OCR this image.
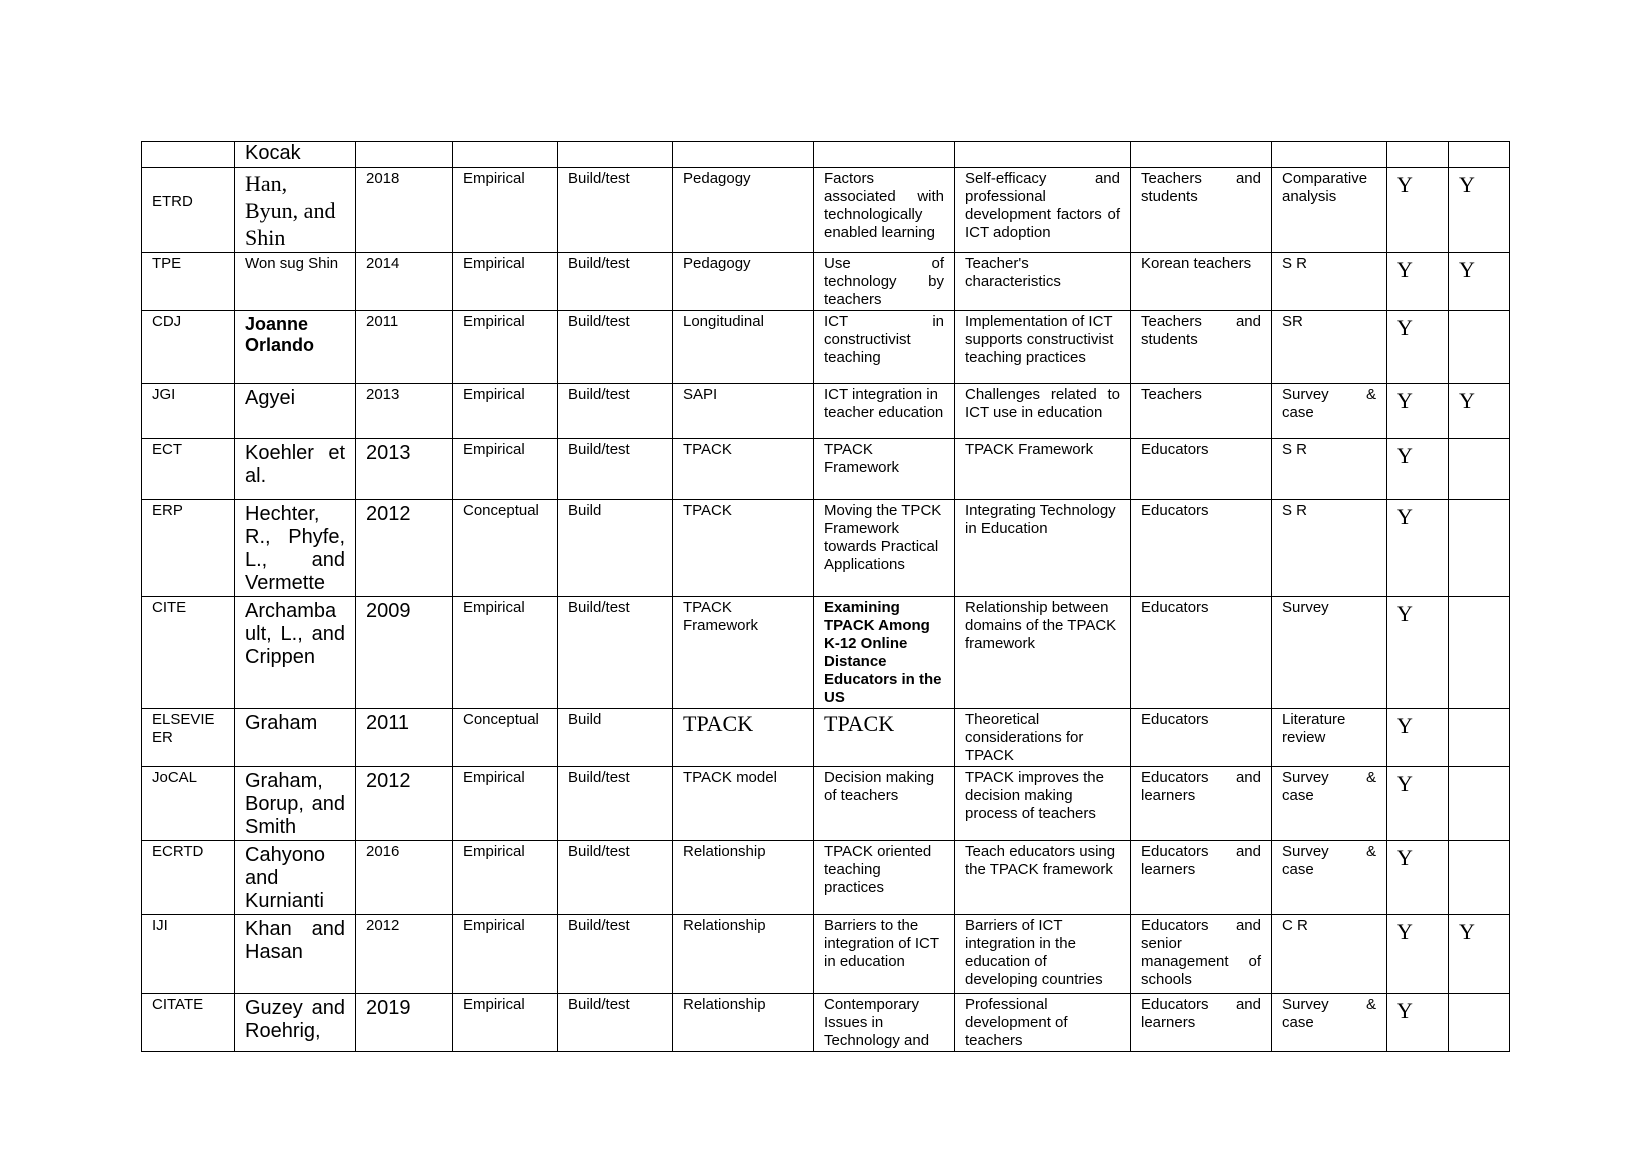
	Kocak										
ETRD	Han, Byun, and Shin	2018	Empirical	Build/test	Pedagogy	Factors associated with technologically enabled learning	Self-efficacy and professional development factors of ICT adoption	Teachers and students	Comparative analysis	Y	Y
TPE	Won sug Shin	2014	Empirical	Build/test	Pedagogy	Use of technology by teachers	Teacher's characteristics	Korean teachers	S R	Y	Y
CDJ	Joanne Orlando	2011	Empirical	Build/test	Longitudinal	ICT in constructivist teaching	Implementation of ICT supports constructivist teaching practices	Teachers and students	SR	Y	
JGI	Agyei	2013	Empirical	Build/test	SAPI	ICT integration in teacher education	Challenges related to ICT use in education	Teachers	Survey & case	Y	Y
ECT	Koehler et al.	2013	Empirical	Build/test	TPACK	TPACK Framework	TPACK Framework	Educators	S R	Y	
ERP	Hechter, R., Phyfe, L., and Vermette	2012	Conceptual	Build	TPACK	Moving the TPCK Framework towards Practical Applications	Integrating Technology in Education	Educators	S R	Y	
CITE	Archambault, L., and Crippen	2009	Empirical	Build/test	TPACK Framework	Examining TPACK Among K-12 Online Distance Educators in the US	Relationship between domains of the TPACK framework	Educators	Survey	Y	
ELSEVIEER	Graham	2011	Conceptual	Build	TPACK	TPACK	Theoretical considerations for TPACK	Educators	Literature review	Y	
JoCAL	Graham, Borup, and Smith	2012	Empirical	Build/test	TPACK model	Decision making of teachers	TPACK improves the decision making process of teachers	Educators and learners	Survey & case	Y	
ECRTD	Cahyono and Kurnianti	2016	Empirical	Build/test	Relationship	TPACK oriented teaching practices	Teach educators using the TPACK framework	Educators and learners	Survey & case	Y	
IJI	Khan and Hasan	2012	Empirical	Build/test	Relationship	Barriers to the integration of ICT in education	Barriers of ICT integration in the education of developing countries	Educators and senior management of schools	C R	Y	Y
CITATE	Guzey and Roehrig,	2019	Empirical	Build/test	Relationship	Contemporary Issues in Technology and	Professional development of teachers	Educators and learners	Survey & case	Y	
